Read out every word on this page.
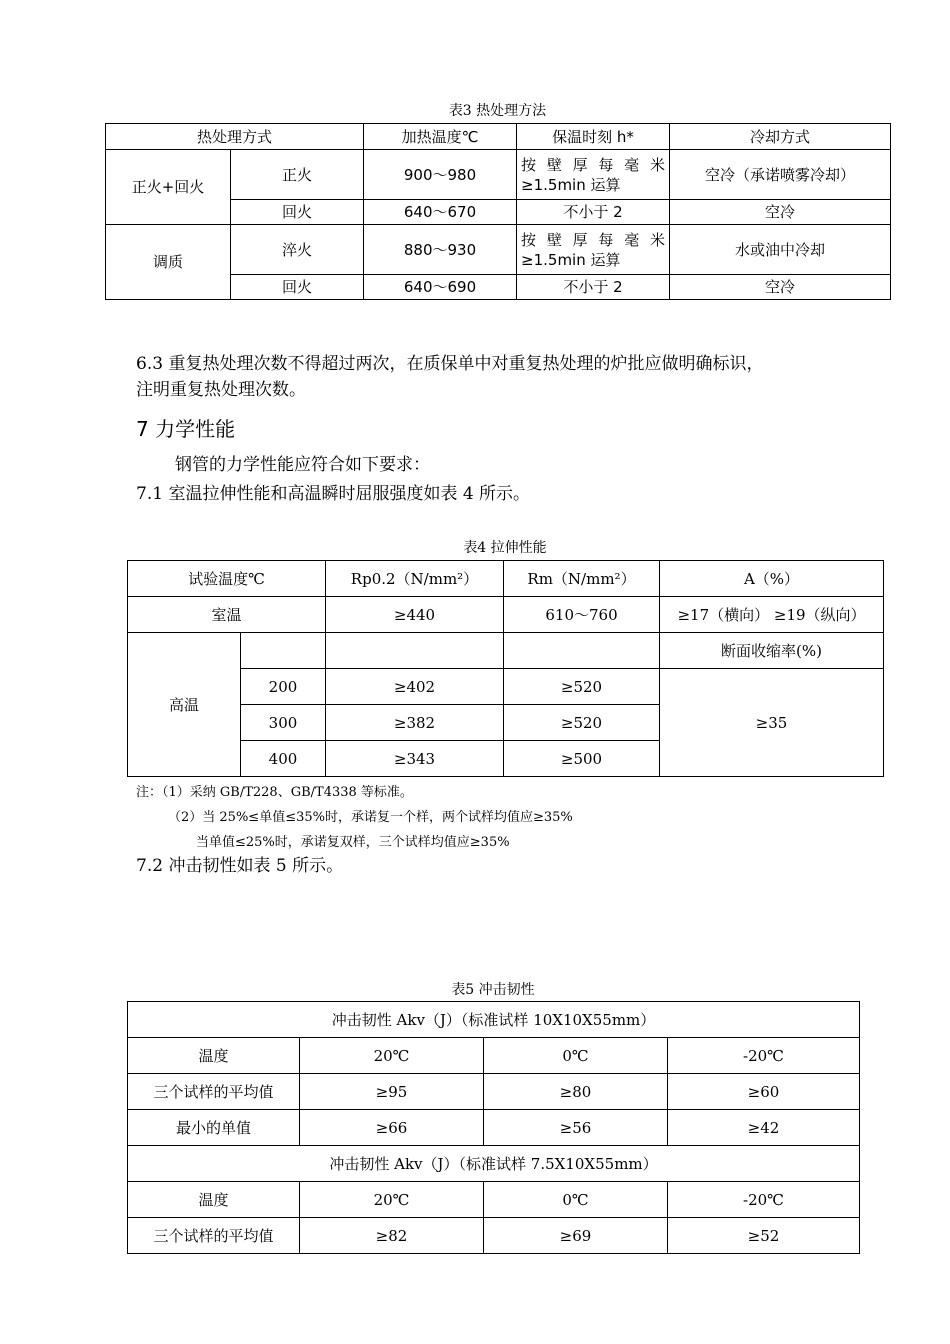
表3 热处理方法
热处理方式		加热温度℃	保温时刻 h*	冷却方式
正火+回火	正火	900～980	按 壁 厚 每 毫 米
≥1.5min 运算	空冷（承诺喷雾冷却）
	回火	640～670	不小于 2	空冷
调质	淬火	880～930	按 壁 厚 每 毫 米
≥1.5min 运算	水或油中冷却
	回火	640～690	不小于 2	空冷
6.3 重复热处理次数不得超过两次，在质保单中对重复热处理的炉批应做明确标识，
注明重复热处理次数。
7 力学性能
钢管的力学性能应符合如下要求：
7.1 室温拉伸性能和高温瞬时屈服强度如表 4 所示。
表4 拉伸性能
试验温度℃		Rp0.2（N/mm²）	Rm（N/mm²）	A（%）
室温		≥440	610～760	≥17（横向） ≥19（纵向）
高温				断面收缩率(%)
	200	≥402	≥520	≥35
	300	≥382	≥520	
	400	≥343	≥500	
注：（1）采纳 GB/T228、GB/T4338 等标准。
（2）当 25%≤单值≤35%时，承诺复一个样，两个试样均值应≥35%
当单值≤25%时，承诺复双样，三个试样均值应≥35%
7.2 冲击韧性如表 5 所示。
表5 冲击韧性
冲击韧性 Akv（J）（标准试样 10X10X55mm）			
温度	20℃	0℃	-20℃
三个试样的平均值	≥95	≥80	≥60
最小的单值	≥66	≥56	≥42
冲击韧性 Akv（J）（标准试样 7.5X10X55mm）			
温度	20℃	0℃	-20℃
三个试样的平均值	≥82	≥69	≥52
